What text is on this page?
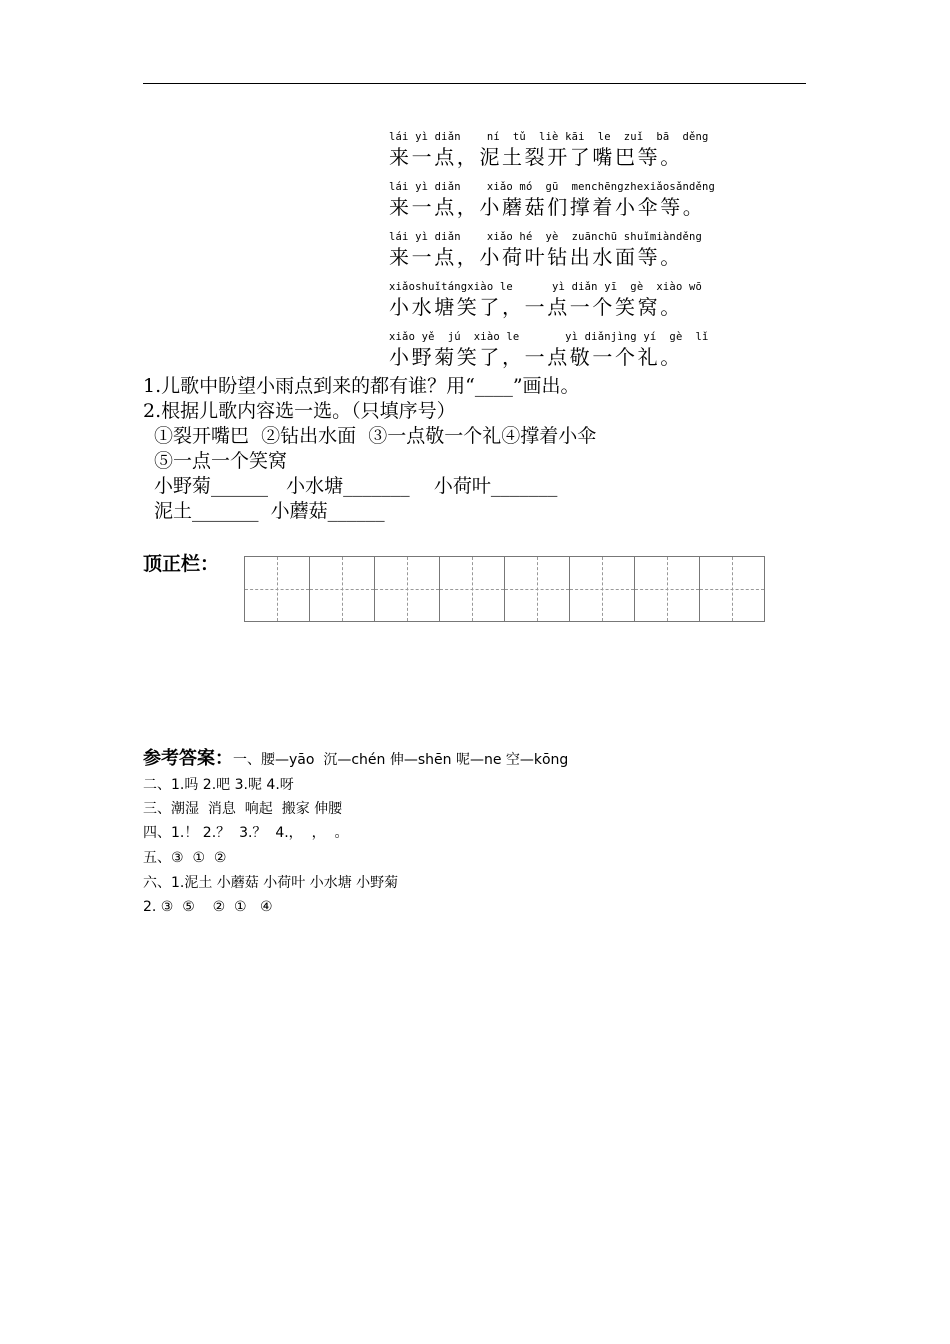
lái yì diǎn    ní  tǔ  liè kāi  le  zuǐ  bā  děng
来一点，泥土裂开了嘴巴等。
lái yì diǎn    xiǎo mó  gū  menchēngzhexiǎosǎnděng
来一点，小蘑菇们撑着小伞等。
lái yì diǎn    xiǎo hé  yè  zuānchū shuǐmiànděng
来一点，小荷叶钻出水面等。
xiǎoshuǐtángxiào le      yì diǎn yī  gè  xiào wō
小水塘笑了，一点一个笑窝。
xiǎo yě  jú  xiào le       yì diǎnjìng yí  gè  lǐ
小野菊笑了，一点敬一个礼。
1.儿歌中盼望小雨点到来的都有谁？用“____”画出。
2.根据儿歌内容选一选。（只填序号）
①裂开嘴巴  ②钻出水面  ③一点敬一个礼④撑着小伞
⑤一点一个笑窝
小野菊______   小水塘_______    小荷叶_______
泥土_______  小蘑菇______
顶正栏：
参考答案：一、腰—yāo  沉—chén 伸—shēn 呢—ne 空—kōng
二、1.吗 2.吧 3.呢 4.呀
三、潮湿  消息  响起  搬家 伸腰
四、1.！ 2.？  3.？  4.，  ，  。
五、③  ①  ②
六、1.泥土 小蘑菇 小荷叶 小水塘 小野菊
2. ③  ⑤    ②  ①   ④
